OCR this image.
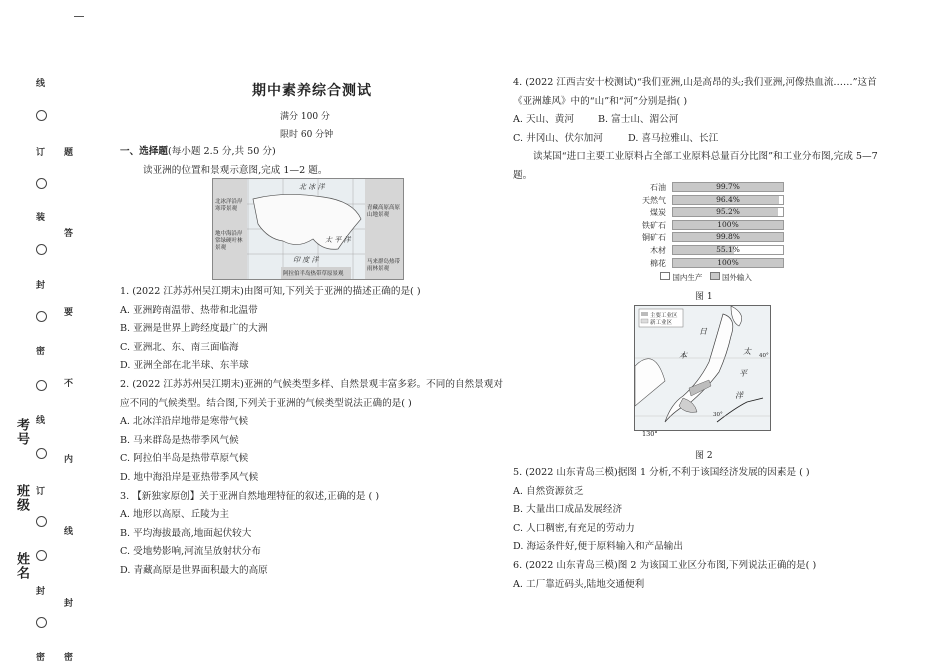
线
订
装
封
密
线
订
封
密
题
答
要
不
内
线
封
密
考号
班级
姓名
期中素养综合测试
满分 100 分
限时 60 分钟
一、选择题(每小题 2.5 分,共 50 分)
读亚洲的位置和景观示意图,完成 1—2 题。
北 冰 洋
太 平 洋
印 度 洋
北冰洋沿岸寒带景观
地中海沿岸常绿硬叶林景观
青藏高原高原山地景观
马来群岛热带雨林景观
阿拉伯半岛热带草原景观
1. (2022 江苏苏州吴江期末)由图可知,下列关于亚洲的描述正确的是( )
A. 亚洲跨南温带、热带和北温带
B. 亚洲是世界上跨经度最广的大洲
C. 亚洲北、东、南三面临海
D. 亚洲全部在北半球、东半球
2. (2022 江苏苏州吴江期末)亚洲的气候类型多样、自然景观丰富多彩。不同的自然景观对
应不同的气候类型。结合图,下列关于亚洲的气候类型说法正确的是( )
A. 北冰洋沿岸地带是寒带气候
B. 马来群岛是热带季风气候
C. 阿拉伯半岛是热带草原气候
D. 地中海沿岸是亚热带季风气候
3. 【新独家原创】关于亚洲自然地理特征的叙述,正确的是 ( )
A. 地形以高原、丘陵为主
B. 平均海拔最高,地面起伏较大
C. 受地势影响,河流呈放射状分布
D. 青藏高原是世界面积最大的高原
4. (2022 江西吉安十校测试)“我们亚洲,山是高昂的头;我们亚洲,河像热血流……”这首
《亚洲雄风》中的“山”和“河”分别是指( )
A. 天山、黄河	B. 富士山、湄公河
C. 井冈山、伏尔加河	D. 喜马拉雅山、长江
读某国“进口主要工业原料占全部工业原料总量百分比图”和工业分布图,完成 5—7
题。
石油	99.7%
天然气	96.4%
煤炭	95.2%
铁矿石	100%
铜矿石	99.8%
木材	55.1%
棉花	100%
国内生产	国外输入
图 1
主要工业区
新工业区
日
本	太
平
洋
40°
30°
130°
图 2
5. (2022 山东青岛三模)据图 1 分析,不利于该国经济发展的因素是 ( )
A. 自然资源贫乏
B. 大量出口成品发展经济
C. 人口稠密,有充足的劳动力
D. 海运条件好,便于原料输入和产品输出
6. (2022 山东青岛三模)图 2 为该国工业区分布图,下列说法正确的是( )
A. 工厂靠近码头,陆地交通便利
